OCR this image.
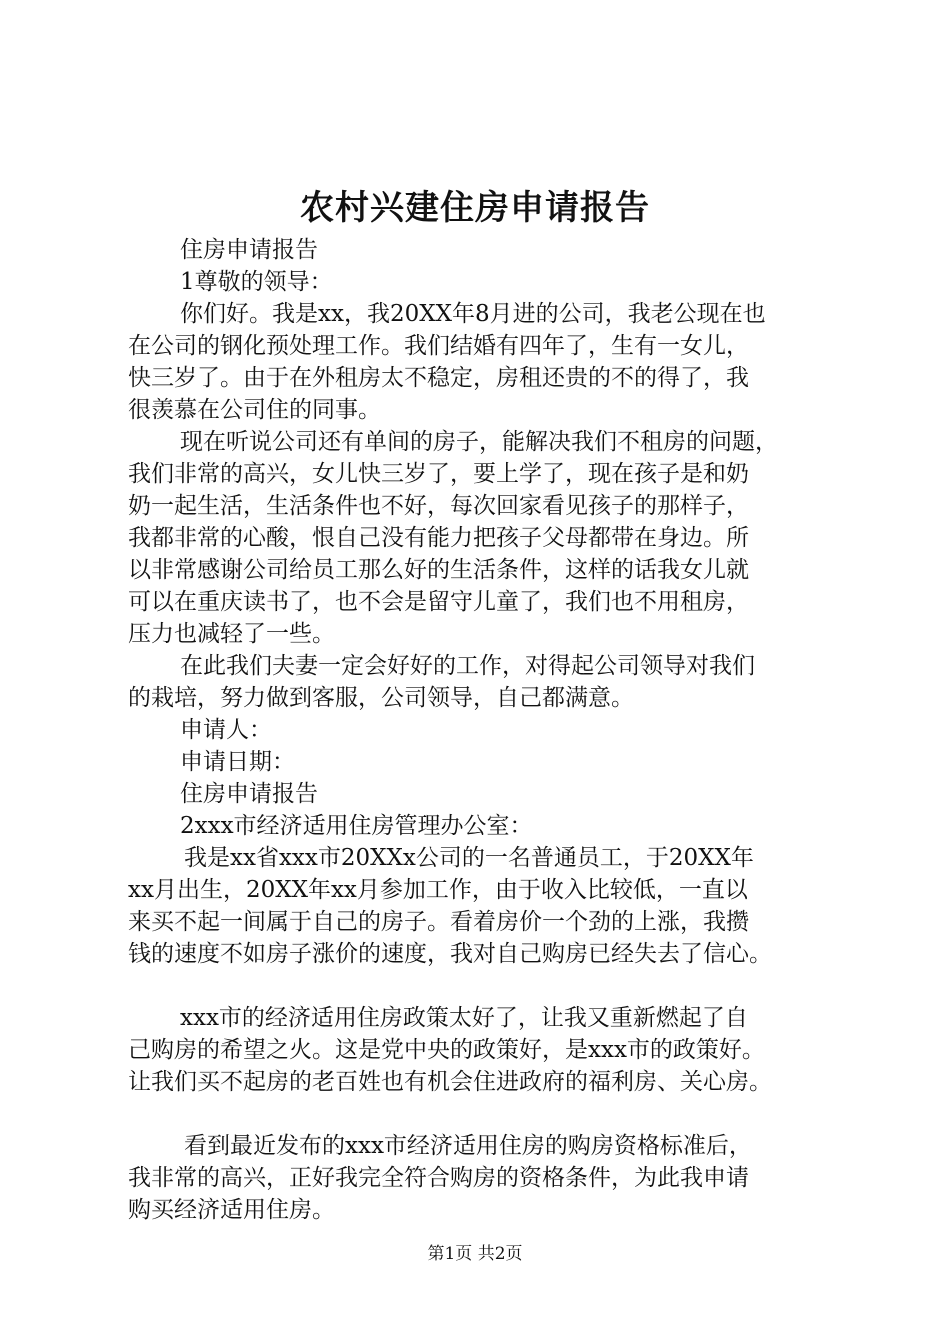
农村兴建住房申请报告
住房申请报告
1尊敬的领导：
你们好。我是xx，我20XX年8月进的公司，我老公现在也
在公司的钢化预处理工作。我们结婚有四年了，生有一女儿，
快三岁了。由于在外租房太不稳定，房租还贵的不的得了，我
很羡慕在公司住的同事。
现在听说公司还有单间的房子，能解决我们不租房的问题，
我们非常的高兴，女儿快三岁了，要上学了，现在孩子是和奶
奶一起生活，生活条件也不好，每次回家看见孩子的那样子，
我都非常的心酸，恨自己没有能力把孩子父母都带在身边。所
以非常感谢公司给员工那么好的生活条件，这样的话我女儿就
可以在重庆读书了，也不会是留守儿童了，我们也不用租房，
压力也减轻了一些。
在此我们夫妻一定会好好的工作，对得起公司领导对我们
的栽培，努力做到客服，公司领导，自己都满意。
申请人：
申请日期：
住房申请报告
2xxx市经济适用住房管理办公室：
我是xx省xxx市20XXx公司的一名普通员工，于20XX年
xx月出生，20XX年xx月参加工作，由于收入比较低，一直以
来买不起一间属于自己的房子。看着房价一个劲的上涨，我攒
钱的速度不如房子涨价的速度，我对自己购房已经失去了信心。
xxx市的经济适用住房政策太好了，让我又重新燃起了自
己购房的希望之火。这是党中央的政策好，是xxx市的政策好。
让我们买不起房的老百姓也有机会住进政府的福利房、关心房。
看到最近发布的xxx市经济适用住房的购房资格标准后，
我非常的高兴，正好我完全符合购房的资格条件，为此我申请
购买经济适用住房。
第1页 共2页
